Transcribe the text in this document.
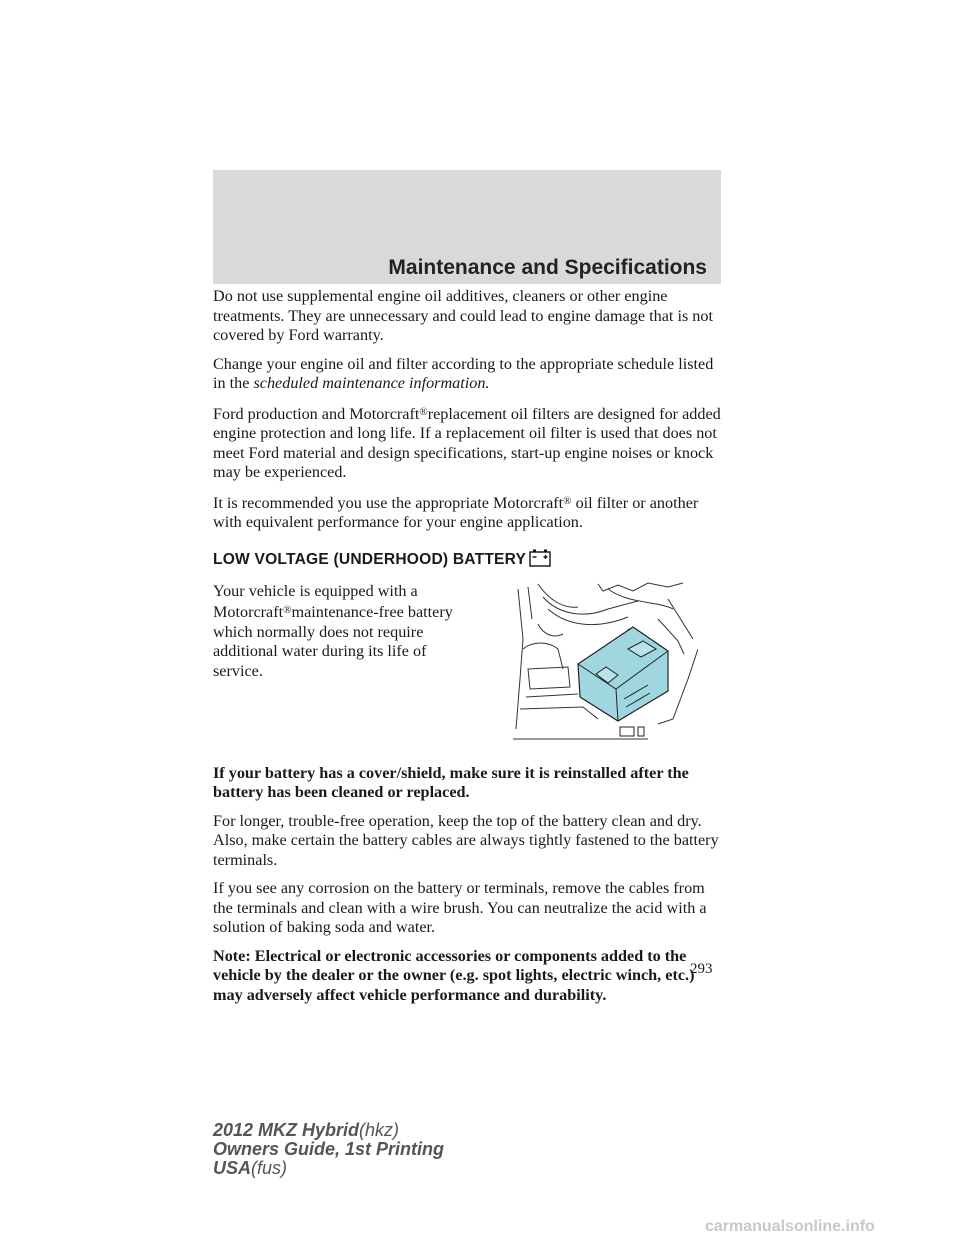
Maintenance and Specifications

Do not use supplemental engine oil additives, cleaners or other engine treatments. They are unnecessary and could lead to engine damage that is not covered by Ford warranty.

Change your engine oil and filter according to the appropriate schedule listed in the scheduled maintenance information.

Ford production and Motorcraft®replacement oil filters are designed for added engine protection and long life. If a replacement oil filter is used that does not meet Ford material and design specifications, start-up engine noises or knock may be experienced.

It is recommended you use the appropriate Motorcraft® oil filter or another with equivalent performance for your engine application.

LOW VOLTAGE (UNDERHOOD) BATTERY

Your vehicle is equipped with a Motorcraft®maintenance-free battery which normally does not require additional water during its life of service.

If your battery has a cover/shield, make sure it is reinstalled after the battery has been cleaned or replaced.

For longer, trouble-free operation, keep the top of the battery clean and dry. Also, make certain the battery cables are always tightly fastened to the battery terminals.

If you see any corrosion on the battery or terminals, remove the cables from the terminals and clean with a wire brush. You can neutralize the acid with a solution of baking soda and water.

Note: Electrical or electronic accessories or components added to the vehicle by the dealer or the owner (e.g. spot lights, electric winch, etc.) may adversely affect vehicle performance and durability.

293
2012 MKZ Hybrid(hkz)
Owners Guide, 1st Printing
USA(fus)
carmanualsonline.info
